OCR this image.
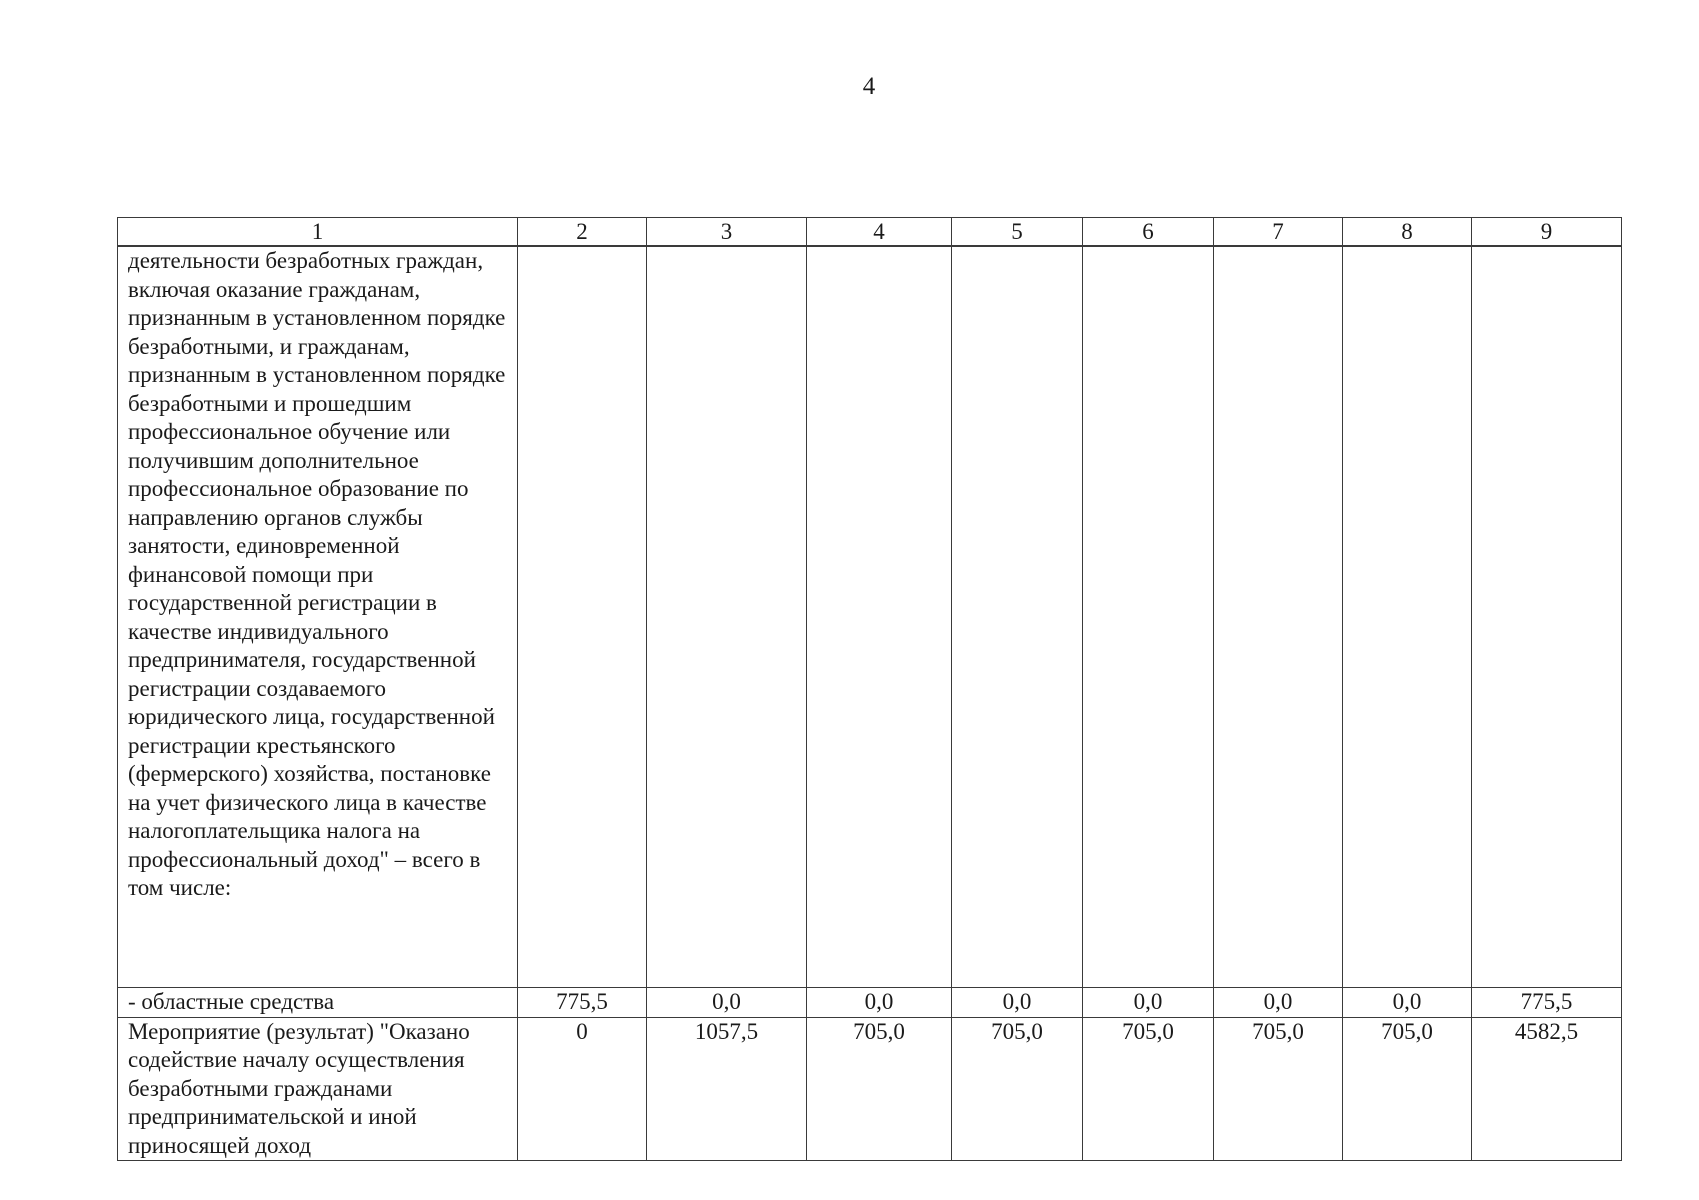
4
1	2	3	4	5	6	7	8	9
деятельности безработных граждан, включая оказание гражданам, признанным в установленном порядке безработными, и гражданам, признанным в установленном порядке безработными и прошедшим профессиональное обучение или получившим дополнительное профессиональное образование по направлению органов службы занятости, единовременной финансовой помощи при государственной регистрации в качестве индивидуального предпринимателя, государственной регистрации создаваемого юридического лица, государственной регистрации крестьянского (фермерского) хозяйства, постановке на учет физического лица в качестве налогоплательщика налога на профессиональный доход" – всего в том числе:								
- областные средства	775,5	0,0	0,0	0,0	0,0	0,0	0,0	775,5
Мероприятие (результат) "Оказано содействие началу осуществления безработными гражданами предпринимательской и иной приносящей доход	0	1057,5	705,0	705,0	705,0	705,0	705,0	4582,5
